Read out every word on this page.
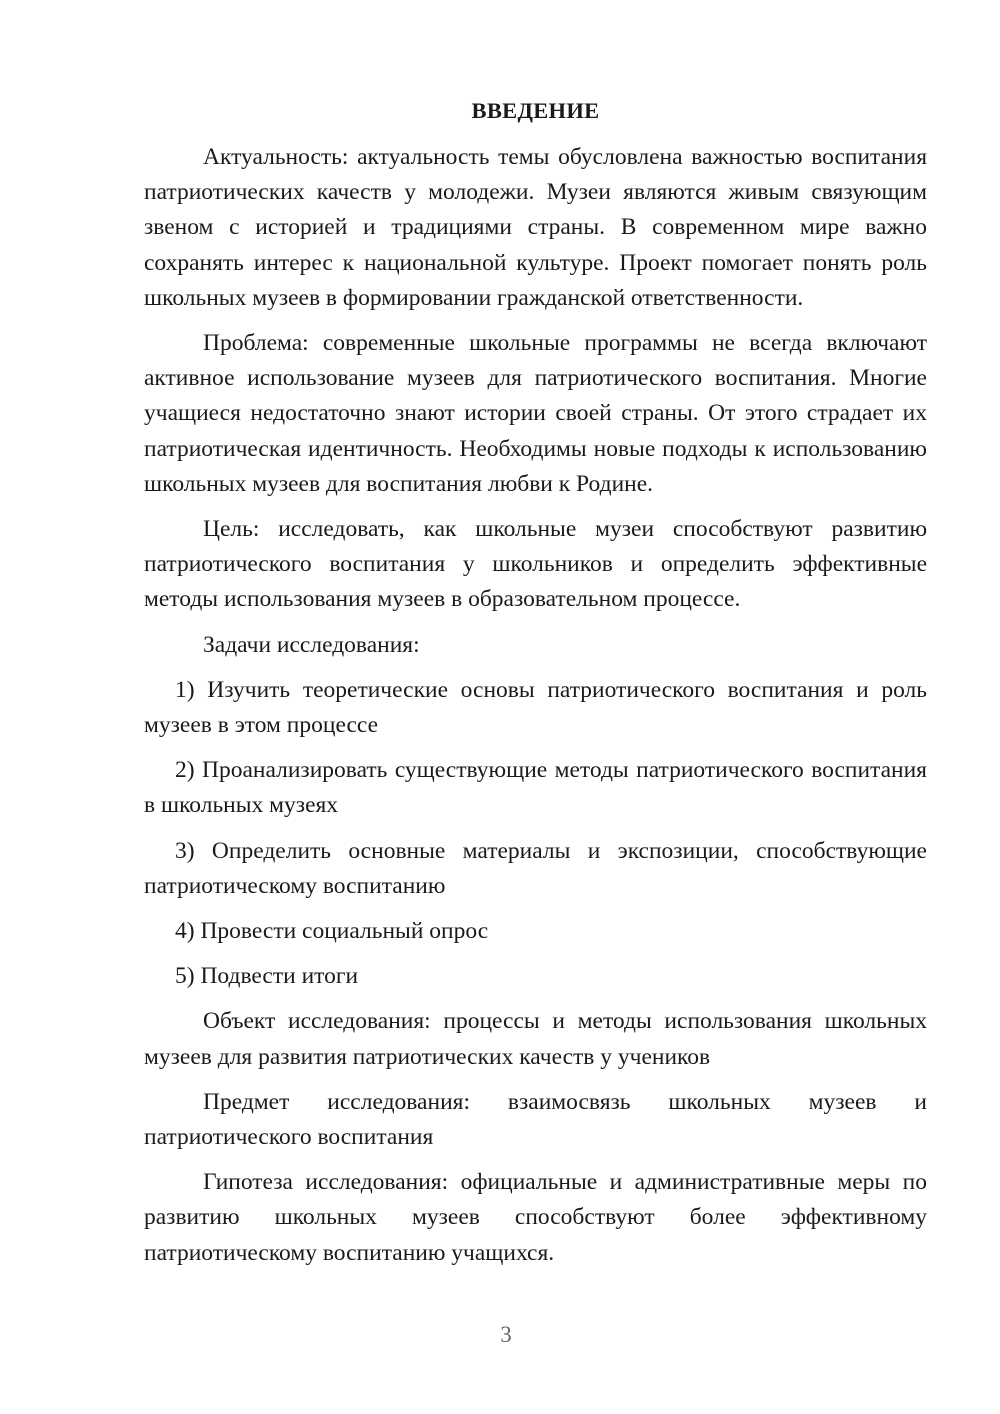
ВВЕДЕНИЕ

Актуальность: актуальность темы обусловлена важностью воспитания патриотических качеств у молодежи. Музеи являются живым связующим звеном с историей и традициями страны. В современном мире важно сохранять интерес к национальной культуре. Проект помогает понять роль школьных музеев в формировании гражданской ответственности.

Проблема: современные школьные программы не всегда включают активное использование музеев для патриотического воспитания. Многие учащиеся недостаточно знают истории своей страны. От этого страдает их патриотическая идентичность. Необходимы новые подходы к использованию школьных музеев для воспитания любви к Родине.

Цель: исследовать, как школьные музеи способствуют развитию патриотического воспитания у школьников и определить эффективные методы использования музеев в образовательном процессе.

Задачи исследования:

1) Изучить теоретические основы патриотического воспитания и роль музеев в этом процессе

2) Проанализировать существующие методы патриотического воспитания в школьных музеях

3) Определить основные материалы и экспозиции, способствующие патриотическому воспитанию

4) Провести социальный опрос

5) Подвести итоги

Объект исследования: процессы и методы использования школьных музеев для развития патриотических качеств у учеников

Предмет исследования: взаимосвязь школьных музеев и патриотического воспитания

Гипотеза исследования: официальные и административные меры по развитию школьных музеев способствуют более эффективному патриотическому воспитанию учащихся.

3
